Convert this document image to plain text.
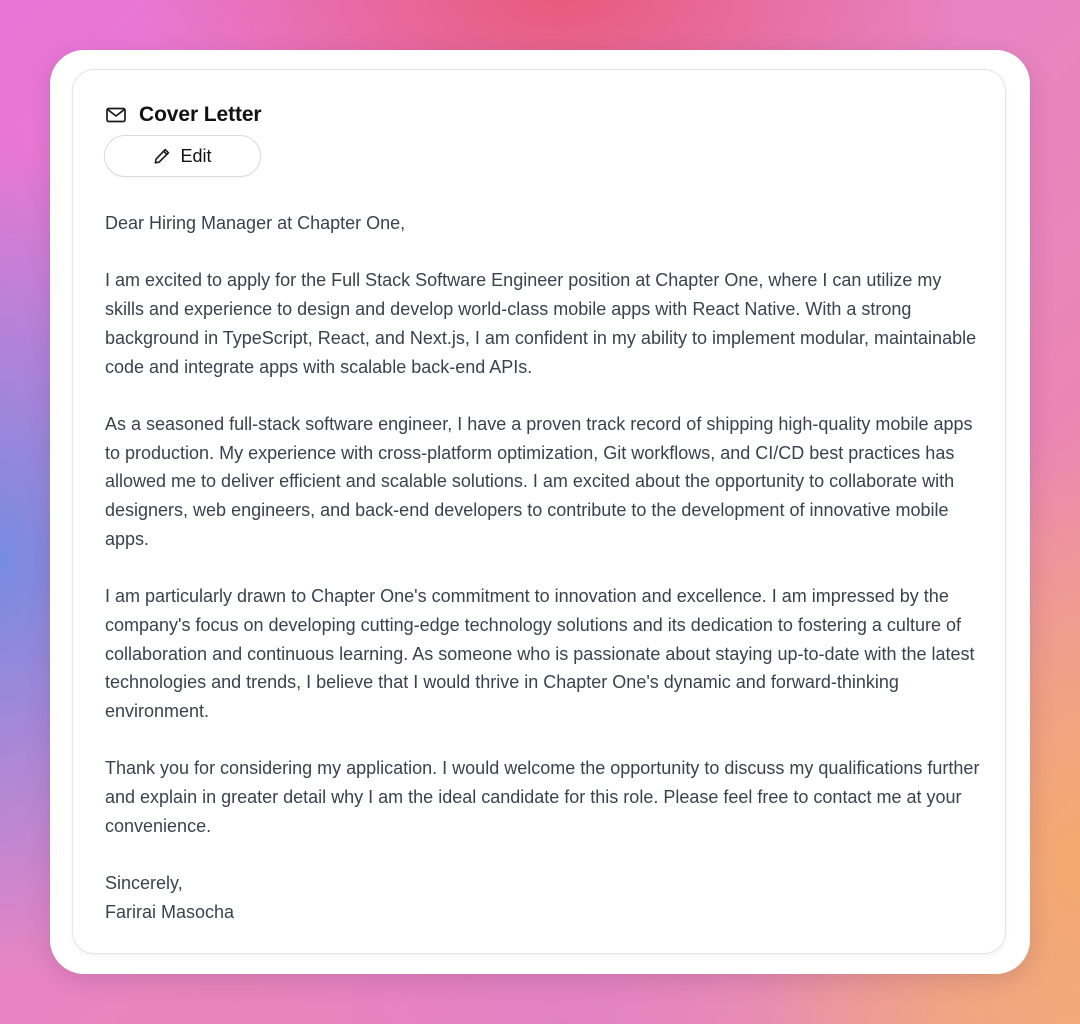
Cover Letter
Edit

Dear Hiring Manager at Chapter One,

I am excited to apply for the Full Stack Software Engineer position at Chapter One, where I can utilize my skills and experience to design and develop world-class mobile apps with React Native. With a strong background in TypeScript, React, and Next.js, I am confident in my ability to implement modular, maintainable code and integrate apps with scalable back-end APIs.

As a seasoned full-stack software engineer, I have a proven track record of shipping high-quality mobile apps to production. My experience with cross-platform optimization, Git workflows, and CI/CD best practices has allowed me to deliver efficient and scalable solutions. I am excited about the opportunity to collaborate with designers, web engineers, and back-end developers to contribute to the development of innovative mobile apps.

I am particularly drawn to Chapter One's commitment to innovation and excellence. I am impressed by the company's focus on developing cutting-edge technology solutions and its dedication to fostering a culture of collaboration and continuous learning. As someone who is passionate about staying up-to-date with the latest technologies and trends, I believe that I would thrive in Chapter One's dynamic and forward-thinking environment.

Thank you for considering my application. I would welcome the opportunity to discuss my qualifications further and explain in greater detail why I am the ideal candidate for this role. Please feel free to contact me at your convenience.

Sincerely,

Farirai Masocha
